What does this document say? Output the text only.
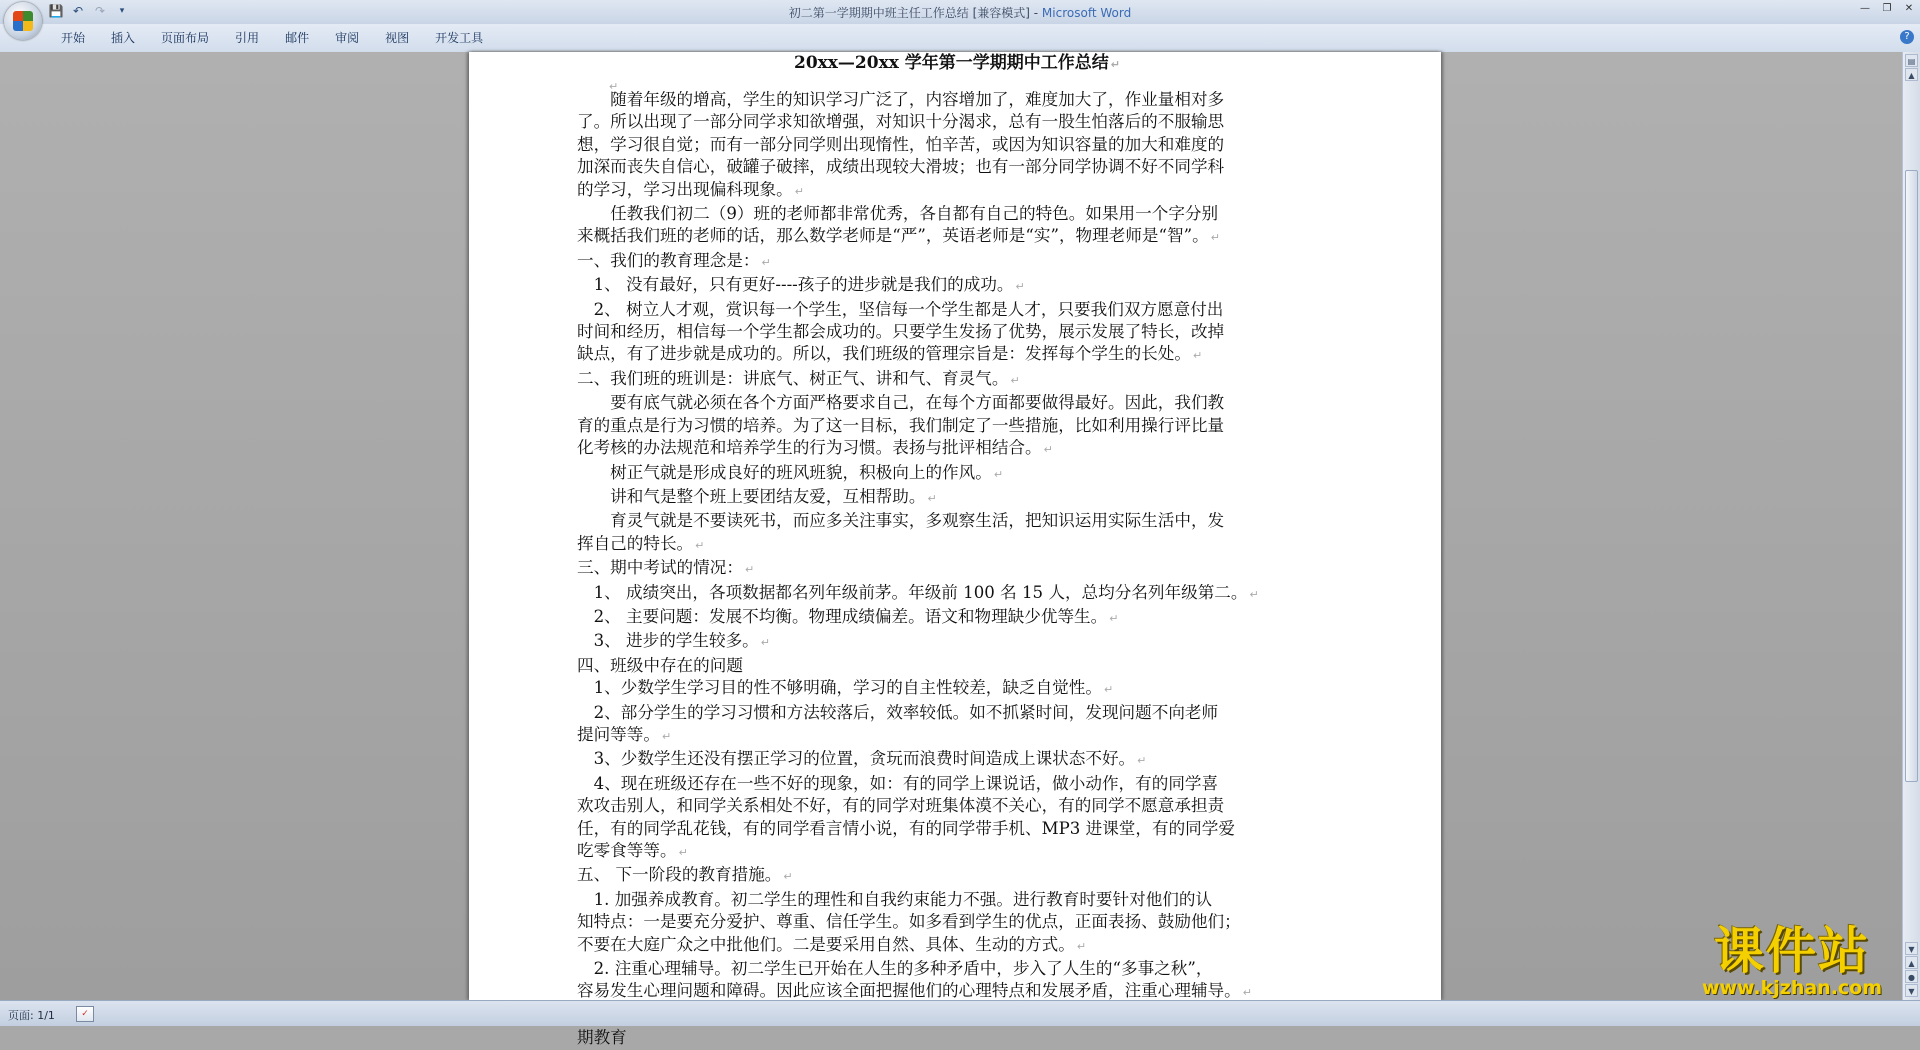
初二第一学期期中班主任工作总结 [兼容模式] - Microsoft Word
💾 ↶ ↷	▾	— ❐ ✕
开始	插入	页面布局	引用	邮件	审阅	视图	开发工具	?
20xx—20xx 学年第一学期期中工作总结 ↵
↵
　　随着年级的增高，学生的知识学习广泛了，内容增加了，难度加大了，作业量相对多
了。所以出现了一部分同学求知欲增强，对知识十分渴求，总有一股生怕落后的不服输思
想，学习很自觉；而有一部分同学则出现惰性，怕辛苦，或因为知识容量的加大和难度的
加深而丧失自信心，破罐子破摔，成绩出现较大滑坡；也有一部分同学协调不好不同学科
的学习，学习出现偏科现象。 ↵
　　任教我们初二（9）班的老师都非常优秀，各自都有自己的特色。如果用一个字分别
来概括我们班的老师的话，那么数学老师是“严”，英语老师是“实”，物理老师是“智”。 ↵
一、我们的教育理念是： ↵
　1、 没有最好，只有更好----孩子的进步就是我们的成功。 ↵
　2、 树立人才观，赏识每一个学生，坚信每一个学生都是人才，只要我们双方愿意付出
时间和经历，相信每一个学生都会成功的。只要学生发扬了优势，展示发展了特长，改掉
缺点，有了进步就是成功的。所以，我们班级的管理宗旨是：发挥每个学生的长处。 ↵
二、我们班的班训是：讲底气、树正气、讲和气、育灵气。 ↵
　　要有底气就必须在各个方面严格要求自己，在每个方面都要做得最好。因此，我们教
育的重点是行为习惯的培养。为了这一目标，我们制定了一些措施，比如利用操行评比量
化考核的办法规范和培养学生的行为习惯。表扬与批评相结合。 ↵
　　树正气就是形成良好的班风班貌，积极向上的作风。 ↵
　　讲和气是整个班上要团结友爱，互相帮助。 ↵
　　育灵气就是不要读死书，而应多关注事实，多观察生活，把知识运用实际生活中，发
挥自己的特长。 ↵
三、期中考试的情况： ↵
　1、 成绩突出，各项数据都名列年级前茅。年级前 100 名 15 人，总均分名列年级第二。 ↵
　2、 主要问题：发展不均衡。物理成绩偏差。语文和物理缺少优等生。 ↵
　3、 进步的学生较多。 ↵
四、班级中存在的问题
　1、少数学生学习目的性不够明确，学习的自主性较差，缺乏自觉性。 ↵
　2、部分学生的学习习惯和方法较落后，效率较低。如不抓紧时间，发现问题不向老师
提问等等。 ↵
　3、少数学生还没有摆正学习的位置，贪玩而浪费时间造成上课状态不好。 ↵
　4、现在班级还存在一些不好的现象，如：有的同学上课说话，做小动作，有的同学喜
欢攻击别人，和同学关系相处不好，有的同学对班集体漠不关心，有的同学不愿意承担责
任，有的同学乱花钱，有的同学看言情小说，有的同学带手机、MP3 进课堂，有的同学爱
吃零食等等。 ↵
五、 下一阶段的教育措施。 ↵
　1. 加强养成教育。初二学生的理性和自我约束能力不强。进行教育时要针对他们的认
知特点：一是要充分爱护、尊重、信任学生。如多看到学生的优点，正面表扬、鼓励他们；
不要在大庭广众之中批他们。二是要采用自然、具体、生动的方式。 ↵
　2. 注重心理辅导。初二学生已开始在人生的多种矛盾中，步入了人生的“多事之秋”，
容易发生心理问题和障碍。因此应该全面把握他们的心理特点和发展矛盾，注重心理辅导。 ↵
期教育
▤
▲
▼
▲
●
▼
页面: 1/1	✓
课件站
www.kjzhan.com
